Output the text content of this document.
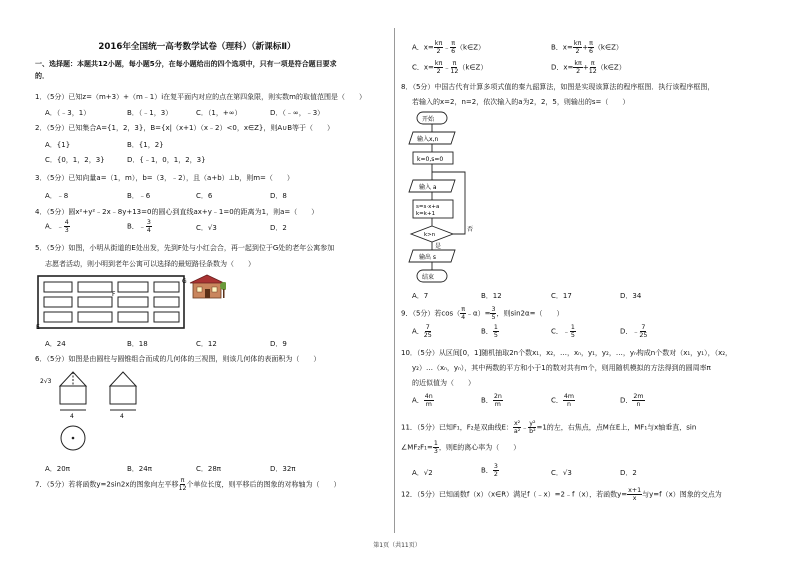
2016年全国统一高考数学试卷（理科）（新课标Ⅱ）
一、选择题：本题共12小题，每小题5分，在每小题给出的四个选项中，只有一项是符合题目要求
的．
1．（5分）已知z=（m+3）+（m﹣1）i在复平面内对应的点在第四象限，则实数m的取值范围是（　　）
A．（﹣3，1）	B．（﹣1，3）	C．（1，+∞）	D．（﹣∞，﹣3）
2．（5分）已知集合A={1，2，3}，B={x|（x+1）（x﹣2）<0，x∈Z}，则A∪B等于（　　）
A．{1}	B．{1，2}
C．{0，1，2，3}	D．{﹣1，0，1，2，3}
3．（5分）已知向量a=（1，m），b=（3，﹣2），且（a+b）⊥b，则m=（　　）
A．﹣8	B．﹣6	C．6	D．8
4．（5分）圆x²+y²﹣2x﹣8y+13=0的圆心到直线ax+y﹣1=0的距离为1，则a=（　　）
A．﹣ $\frac{4}{3}$	B．﹣ $\frac{3}{4}$	C．√3	D．2
5．（5分）如图，小明从街道的E处出发，先到F处与小红会合，再一起到位于G处的老年公寓参加
志愿者活动，则小明到老年公寓可以选择的最短路径条数为（　　）
E
F
G
A．24	B．18	C．12	D．9
6．（5分）如图是由圆柱与圆锥组合而成的几何体的三视图，则该几何体的表面积为（　　）
2√3
4	4
A．20π	B．24π	C．28π	D．32π
7．（5分）若将函数y=2sin2x的图象向左平移 $\frac{\pi}{12}$ 个单位长度，则平移后的图象的对称轴为（　　）
A．$x= \frac{k\pi}{2}$ ﹣ $\frac{\pi}{6}$ （k∈Z）	B．$x= \frac{k\pi}{2} + \frac{\pi}{6}$ （k∈Z）
C．$x= \frac{k\pi}{2}$ ﹣ $\frac{\pi}{12}$ （k∈Z）	D．$x= \frac{k\pi}{2} + \frac{\pi}{12}$ （k∈Z）
8．（5分）中国古代有计算多项式值的秦九韶算法，如图是实现该算法的程序框图．执行该程序框图，
若输入的x=2，n=2，依次输入的a为2，2，5，则输出的s=（　　）
开始
输入x,n
k=0,s=0
输入 a
s=s·x+a
k=k+1
k>n
否
是
输出 s
结束
A．7	B．12	C．17	D．34
9．（5分）若$\cos( \frac{\pi}{4}$ ﹣α）= $\frac{3}{5}$ ，则sin2α=（　　）
A． $\frac{7}{25}$	B． $\frac{1}{5}$	C．﹣ $\frac{1}{5}$	D．﹣ $\frac{7}{25}$
10．（5分）从区间[0，1]随机抽取2n个数x₁，x₂，…，xₙ，y₁，y₂，…，yₙ构成n个数对（x₁，y₁），（x₂，
y₂）…（xₙ，yₙ），其中两数的平方和小于1的数对共有m个，则用随机模拟的方法得到的圆周率π
的近似值为（　　）
A． $\frac{4n}{m}$	B． $\frac{2n}{m}$	C． $\frac{4m}{n}$	D． $\frac{2m}{n}$
11．（5分）已知F₁，F₂是双曲线E： $\frac{\text{x²}}{\text{a²}}$ ﹣ $\frac{\text{y²}}{\text{b²}} =1$的左，右焦点，点M在E上，MF₁与x轴垂直，sin
∠MF₂F₁= $\frac{1}{3}$ ，则E的离心率为（　　）
A．√2	B． $\frac{3}{2}$	C．√3	D．2
12．（5分）已知函数f（x）（x∈R）满足f（﹣x）=2﹣f（x），若函数$y= \frac{x+1}{x}$ 与y=f（x）图象的交点为
第1页（共11页）
